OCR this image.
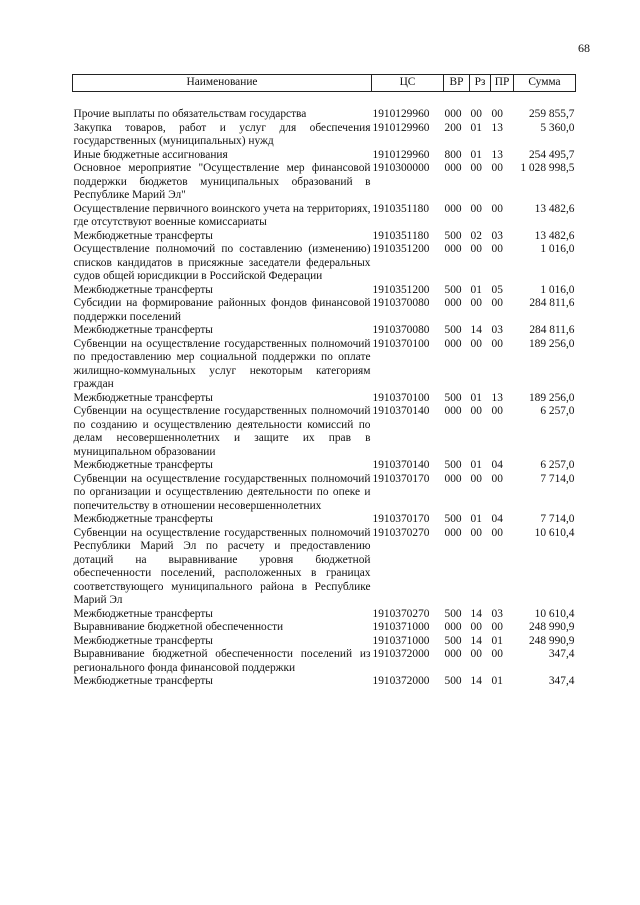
68
Наименование	ЦС	ВР	Рз	ПР	Сумма
Прочие выплаты по обязательствам государства	1910129960	000	00	00	259 855,7
Закупка товаров, работ и услуг для обеспечения государственных (муниципальных) нужд	1910129960	200	01	13	5 360,0
Иные бюджетные ассигнования	1910129960	800	01	13	254 495,7
Основное мероприятие "Осуществление мер финансовой поддержки бюджетов муниципальных образований в Республике Марий Эл"	1910300000	000	00	00	1 028 998,5
Осуществление первичного воинского учета на территориях, где отсутствуют военные комиссариаты	1910351180	000	00	00	13 482,6
Межбюджетные трансферты	1910351180	500	02	03	13 482,6
Осуществление полномочий по составлению (изменению) списков кандидатов в присяжные заседатели федеральных судов общей юрисдикции в Российской Федерации	1910351200	000	00	00	1 016,0
Межбюджетные трансферты	1910351200	500	01	05	1 016,0
Субсидии на формирование районных фондов финансовой поддержки поселений	1910370080	000	00	00	284 811,6
Межбюджетные трансферты	1910370080	500	14	03	284 811,6
Субвенции на осуществление государственных полномочий по предоставлению мер социальной поддержки по оплате жилищно-коммунальных услуг некоторым категориям граждан	1910370100	000	00	00	189 256,0
Межбюджетные трансферты	1910370100	500	01	13	189 256,0
Субвенции на осуществление государственных полномочий по созданию и осуществлению деятельности комиссий по делам несовершеннолетних и защите их прав в муниципальном образовании	1910370140	000	00	00	6 257,0
Межбюджетные трансферты	1910370140	500	01	04	6 257,0
Субвенции на осуществление государственных полномочий по организации и осуществлению деятельности по опеке и попечительству в отношении несовершеннолетних	1910370170	000	00	00	7 714,0
Межбюджетные трансферты	1910370170	500	01	04	7 714,0
Субвенции на осуществление государственных полномочий Республики Марий Эл по расчету и предоставлению дотаций на выравнивание уровня бюджетной обеспеченности поселений, расположенных в границах соответствующего муниципального района в Республике Марий Эл	1910370270	000	00	00	10 610,4
Межбюджетные трансферты	1910370270	500	14	03	10 610,4
Выравнивание бюджетной обеспеченности	1910371000	000	00	00	248 990,9
Межбюджетные трансферты	1910371000	500	14	01	248 990,9
Выравнивание бюджетной обеспеченности поселений из регионального фонда финансовой поддержки	1910372000	000	00	00	347,4
Межбюджетные трансферты	1910372000	500	14	01	347,4
